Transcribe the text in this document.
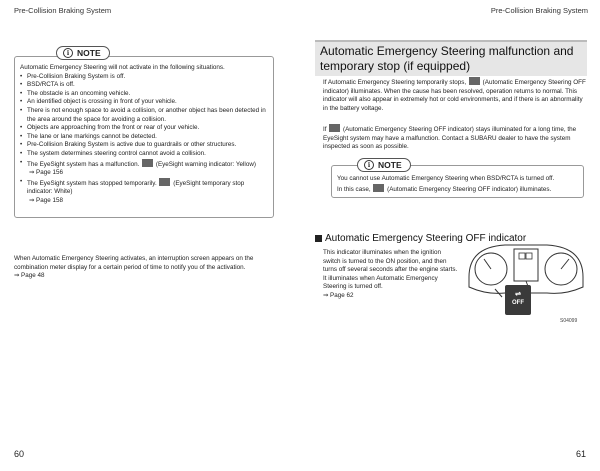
Pre-Collision Braking System
Automatic Emergency Steering will not activate in the following situations.
• Pre-Collision Braking System is off.
• BSD/RCTA is off.
• The obstacle is an oncoming vehicle.
• An identified object is crossing in front of your vehicle.
• There is not enough space to avoid a collision, or another object has been detected in the area around the space for avoiding a collision.
• Objects are approaching from the front or rear of your vehicle.
• The lane or lane markings cannot be detected.
• Pre-Collision Braking System is active due to guardrails or other structures.
• The system determines steering control cannot avoid a collision.
• The EyeSight system has a malfunction.	(EyeSight warning indicator: Yellow)
⇒ Page 156
• The EyeSight system has stopped temporarily.	(EyeSight temporary stop indicator: White)
⇒ Page 158
i NOTE
When Automatic Emergency Steering activates, an interruption screen appears on the combination meter display for a certain period of time to notify you of the activation.
⇒ Page 48
60
Pre-Collision Braking System
Automatic Emergency Steering malfunction and temporary stop (if equipped)
If Automatic Emergency Steering temporarily stops,	(Automatic Emergency Steering OFF indicator) illuminates. When the cause has been resolved, operation returns to normal. This indicator will also appear in extremely hot or cold environments, and if there is an abnormality in the battery voltage.
If	(Automatic Emergency Steering OFF indicator) stays illuminated for a long time, the EyeSight system may have a malfunction. Contact a SUBARU dealer to have the system inspected as soon as possible.
You cannot use Automatic Emergency Steering when BSD/RCTA is turned off.
In this case,	(Automatic Emergency Steering OFF indicator) illuminates.
i NOTE
Automatic Emergency Steering OFF indicator
This indicator illuminates when the ignition switch is turned to the ON position, and then turns off several seconds after the engine starts.
It illuminates when Automatic Emergency Steering is turned off.
⇒ Page 62	⇌
OFF
S04099
61
